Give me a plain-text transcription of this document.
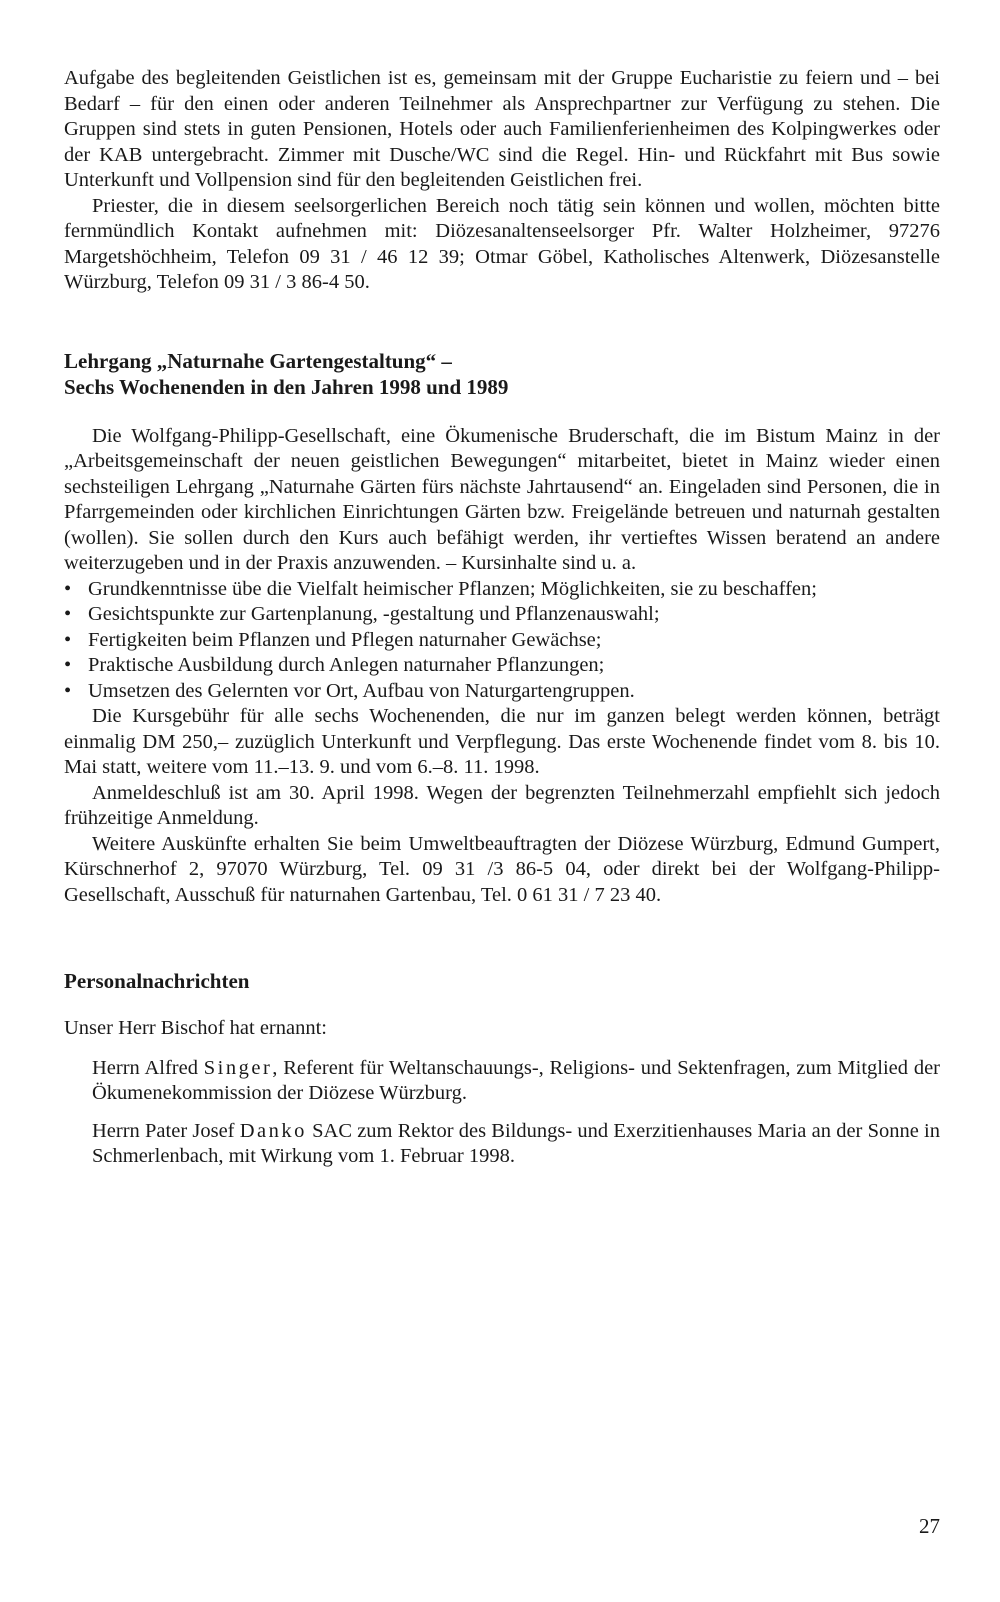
Aufgabe des begleitenden Geistlichen ist es, gemeinsam mit der Gruppe Eucharistie zu feiern und – bei Bedarf – für den einen oder anderen Teilnehmer als Ansprechpartner zur Verfügung zu stehen. Die Gruppen sind stets in guten Pensionen, Hotels oder auch Familienferienheimen des Kolpingwerkes oder der KAB untergebracht. Zimmer mit Dusche/WC sind die Regel. Hin- und Rückfahrt mit Bus sowie Unterkunft und Vollpension sind für den begleitenden Geistlichen frei.

Priester, die in diesem seelsorgerlichen Bereich noch tätig sein können und wollen, möchten bitte fernmündlich Kontakt aufnehmen mit: Diözesanaltenseelsorger Pfr. Walter Holzheimer, 97276 Margetshöchheim, Telefon 09 31 / 46 12 39; Otmar Göbel, Katholisches Altenwerk, Diözesanstelle Würzburg, Telefon 09 31 / 3 86-4 50.

Lehrgang „Naturnahe Gartengestaltung“ –

Sechs Wochenenden in den Jahren 1998 und 1989

Die Wolfgang-Philipp-Gesellschaft, eine Ökumenische Bruderschaft, die im Bistum Mainz in der „Arbeitsgemeinschaft der neuen geistlichen Bewegungen“ mitarbeitet, bietet in Mainz wieder einen sechsteiligen Lehrgang „Naturnahe Gärten fürs nächste Jahrtausend“ an. Eingeladen sind Personen, die in Pfarrgemeinden oder kirchlichen Einrichtungen Gärten bzw. Freigelände betreuen und naturnah gestalten (wollen). Sie sollen durch den Kurs auch befähigt werden, ihr vertieftes Wissen beratend an andere weiterzugeben und in der Praxis anzuwenden. – Kursinhalte sind u. a.

• Grundkenntnisse übe die Vielfalt heimischer Pflanzen; Möglichkeiten, sie zu beschaffen;
• Gesichtspunkte zur Gartenplanung, -gestaltung und Pflanzenauswahl;
• Fertigkeiten beim Pflanzen und Pflegen naturnaher Gewächse;
• Praktische Ausbildung durch Anlegen naturnaher Pflanzungen;
• Umsetzen des Gelernten vor Ort, Aufbau von Naturgartengruppen.

Die Kursgebühr für alle sechs Wochenenden, die nur im ganzen belegt werden können, beträgt einmalig DM 250,– zuzüglich Unterkunft und Verpflegung. Das erste Wochenende findet vom 8. bis 10. Mai statt, weitere vom 11.–13. 9. und vom 6.–8. 11. 1998.

Anmeldeschluß ist am 30. April 1998. Wegen der begrenzten Teilnehmerzahl empfiehlt sich jedoch frühzeitige Anmeldung.

Weitere Auskünfte erhalten Sie beim Umweltbeauftragten der Diözese Würzburg, Edmund Gumpert, Kürschnerhof 2, 97070 Würzburg, Tel. 09 31 /3 86-5 04, oder direkt bei der Wolfgang-Philipp-Gesellschaft, Ausschuß für naturnahen Gartenbau, Tel. 0 61 31 / 7 23 40.

Personalnachrichten

Unser Herr Bischof hat ernannt:

Herrn Alfred Singer, Referent für Weltanschauungs-, Religions- und Sektenfragen, zum Mitglied der Ökumenekommission der Diözese Würzburg.

Herrn Pater Josef Danko SAC zum Rektor des Bildungs- und Exerzitienhauses Maria an der Sonne in Schmerlenbach, mit Wirkung vom 1. Februar 1998.

27
